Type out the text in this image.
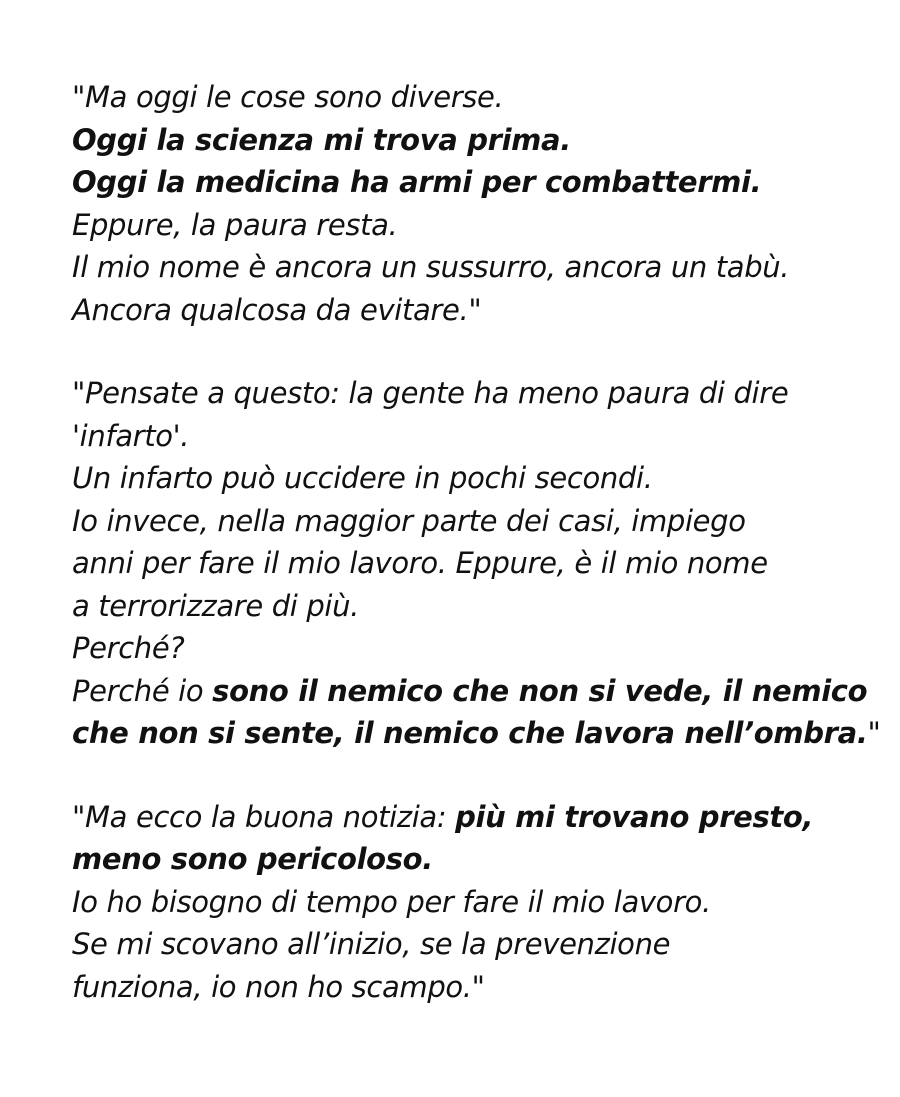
"Ma oggi le cose sono diverse.
Oggi la scienza mi trova prima.
Oggi la medicina ha armi per combattermi.
Eppure, la paura resta.
Il mio nome è ancora un sussurro, ancora un tabù.
Ancora qualcosa da evitare."
"Pensate a questo: la gente ha meno paura di dire
'infarto'.
Un infarto può uccidere in pochi secondi.
Io invece, nella maggior parte dei casi, impiego
anni per fare il mio lavoro. Eppure, è il mio nome
a terrorizzare di più.
Perché?
Perché io sono il nemico che non si vede, il nemico
che non si sente, il nemico che lavora nell’ombra."
"Ma ecco la buona notizia: più mi trovano presto,
meno sono pericoloso.
Io ho bisogno di tempo per fare il mio lavoro.
Se mi scovano all’inizio, se la prevenzione
funziona, io non ho scampo."
